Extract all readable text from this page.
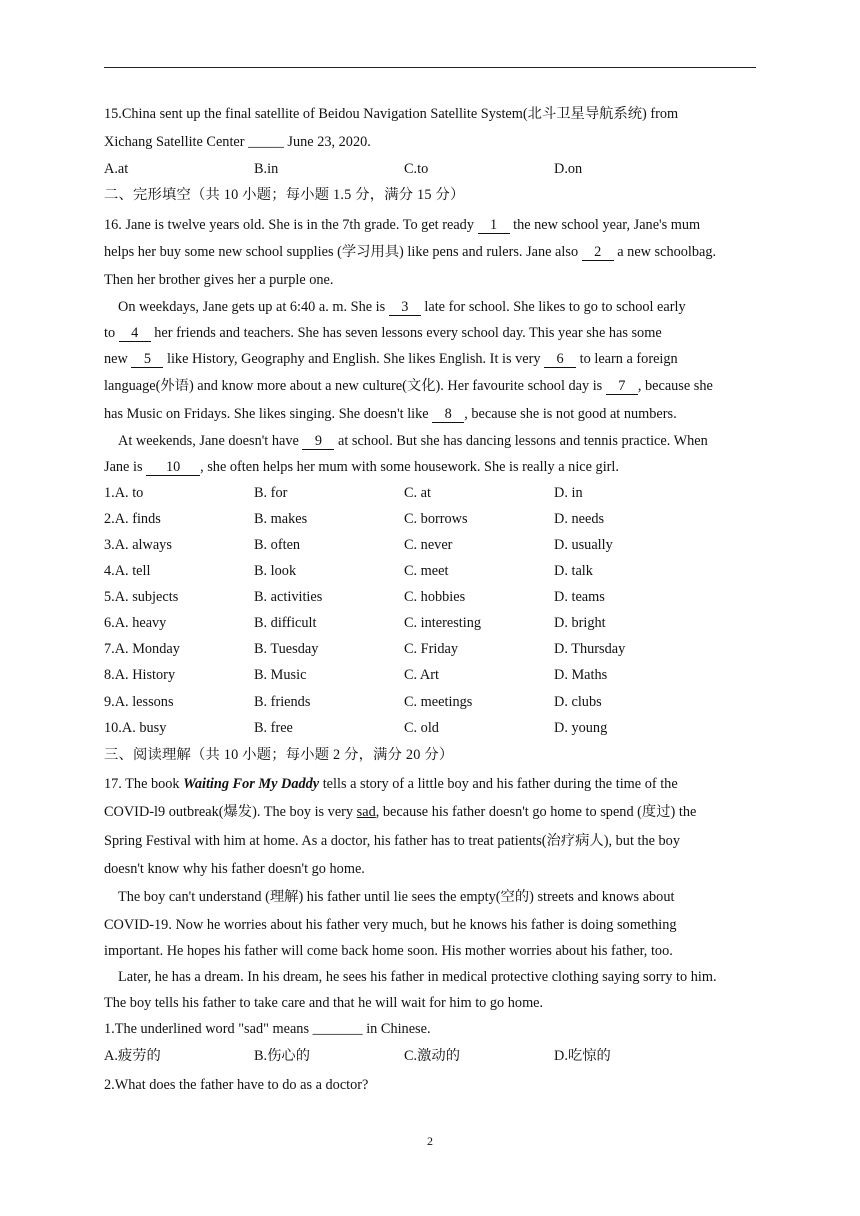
15.China sent up the final satellite of Beidou Navigation Satellite System(北斗卫星导航系统) from
Xichang Satellite Center _____ June 23, 2020.
A.at	B.in	C.to	D.on
二、完形填空（共 10 小题；每小题 1.5 分，满分 15 分）
16. Jane is twelve years old. She is in the 7th grade. To get ready 1 the new school year, Jane's mum
helps her buy some new school supplies (学习用具) like pens and rulers. Jane also 2 a new schoolbag.
Then her brother gives her a purple one.
On weekdays, Jane gets up at 6:40 a. m. She is 3 late for school. She likes to go to school early
to 4 her friends and teachers. She has seven lessons every school day. This year she has some
new 5 like History, Geography and English. She likes English. It is very 6 to learn a foreign
language(外语) and know more about a new culture(文化). Her favourite school day is 7 , because she
has Music on Fridays. She likes singing. She doesn't like 8 , because she is not good at numbers.
At weekends, Jane doesn't have 9 at school. But she has dancing lessons and tennis practice. When
Jane is 10 , she often helps her mum with some housework. She is really a nice girl.
1.A. to	B. for	C. at	D. in
2.A. finds	B. makes	C. borrows	D. needs
3.A. always	B. often	C. never	D. usually
4.A. tell	B. look	C. meet	D. talk
5.A. subjects	B. activities	C. hobbies	D. teams
6.A. heavy	B. difficult	C. interesting	D. bright
7.A. Monday	B. Tuesday	C. Friday	D. Thursday
8.A. History	B. Music	C. Art	D. Maths
9.A. lessons	B. friends	C. meetings	D. clubs
10.A. busy	B. free	C. old	D. young
三、阅读理解（共 10 小题；每小题 2 分，满分 20 分）
17. The book Waiting For My Daddy tells a story of a little boy and his father during the time of the
COVID-l9 outbreak(爆发). The boy is very sad, because his father doesn't go home to spend (度过) the
Spring Festival with him at home. As a doctor, his father has to treat patients(治疗病人), but the boy
doesn't know why his father doesn't go home.
The boy can't understand (理解) his father until lie sees the empty(空的) streets and knows about
COVID-19. Now he worries about his father very much, but he knows his father is doing something
important. He hopes his father will come back home soon. His mother worries about his father, too.
Later, he has a dream. In his dream, he sees his father in medical protective clothing saying sorry to him.
The boy tells his father to take care and that he will wait for him to go home.
1.The underlined word "sad" means _______ in Chinese.
A.疲劳的	B.伤心的	C.激动的	D.吃惊的
2.What does the father have to do as a doctor?
2
